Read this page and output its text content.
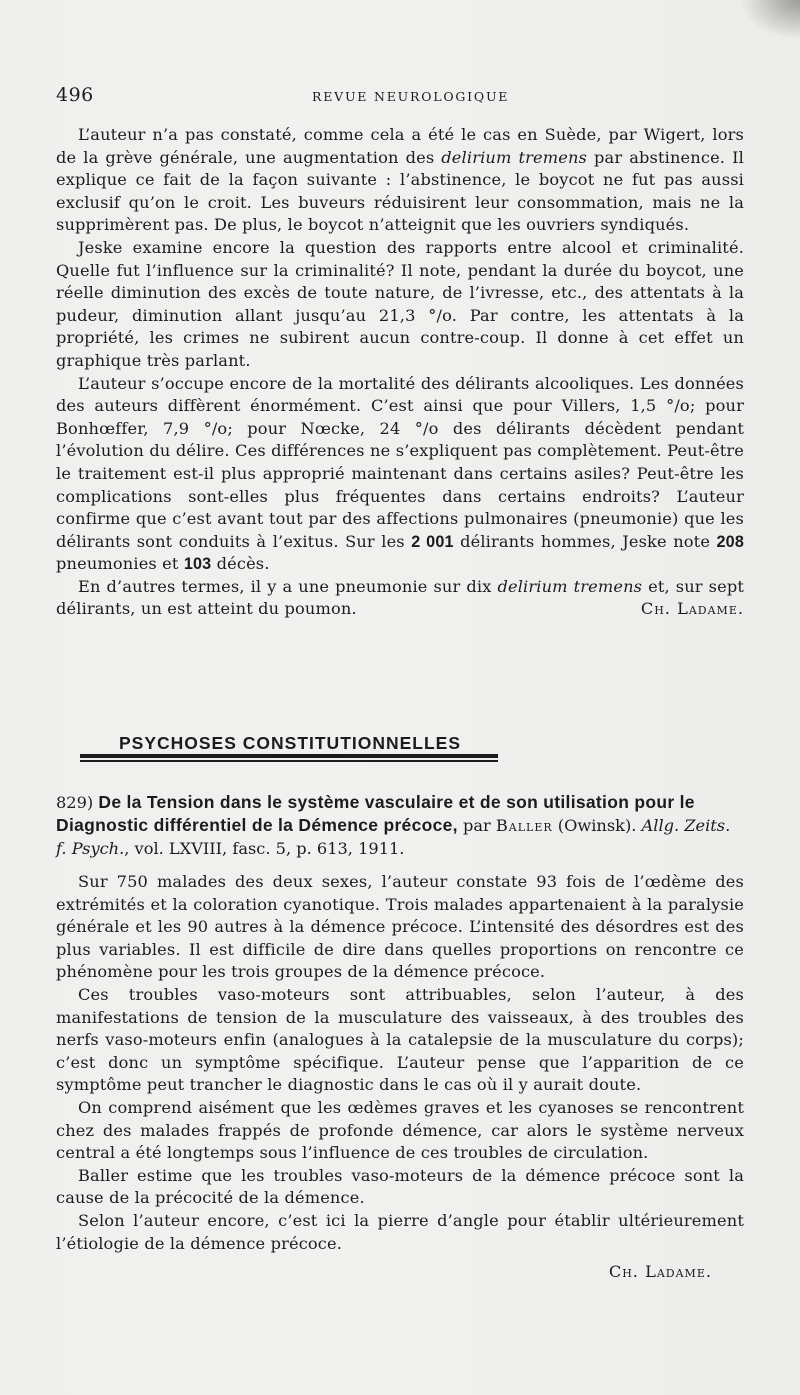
496	REVUE NEUROLOGIQUE

L’auteur n’a pas constaté, comme cela a été le cas en Suède, par Wigert, lors de la grève générale, une augmentation des delirium tremens par abstinence. Il explique ce fait de la façon suivante : l’abstinence, le boycot ne fut pas aussi exclusif qu’on le croit. Les buveurs réduisirent leur consommation, mais ne la supprimèrent pas. De plus, le boycot n’atteignit que les ouvriers syndiqués.

Jeske examine encore la question des rapports entre alcool et criminalité. Quelle fut l’influence sur la criminalité? Il note, pendant la durée du boycot, une réelle diminution des excès de toute nature, de l’ivresse, etc., des attentats à la pudeur, diminution allant jusqu’au 21,3 °/o. Par contre, les attentats à la propriété, les crimes ne subirent aucun contre-coup. Il donne à cet effet un graphique très parlant.

L’auteur s’occupe encore de la mortalité des délirants alcooliques. Les données des auteurs diffèrent énormément. C’est ainsi que pour Villers, 1,5 °/o; pour Bonhœffer, 7,9 °/o; pour Nœcke, 24 °/o des délirants décèdent pendant l’évolution du délire. Ces différences ne s’expliquent pas complètement. Peut-être le traitement est-il plus approprié maintenant dans certains asiles? Peut-être les complications sont-elles plus fréquentes dans certains endroits? L’auteur confirme que c’est avant tout par des affections pulmonaires (pneumonie) que les délirants sont conduits à l’exitus. Sur les 2 001 délirants hommes, Jeske note 208 pneumonies et 103 décès.

En d’autres termes, il y a une pneumonie sur dix delirium tremens et, sur sept délirants, un est atteint du poumon.	Ch. Ladame.

PSYCHOSES CONSTITUTIONNELLES
829) De la Tension dans le système vasculaire et de son utilisation pour le Diagnostic différentiel de la Démence précoce, par Baller (Owinsk). Allg. Zeits. f. Psych., vol. LXVIII, fasc. 5, p. 613, 1911.

Sur 750 malades des deux sexes, l’auteur constate 93 fois de l’œdème des extrémités et la coloration cyanotique. Trois malades appartenaient à la paralysie générale et les 90 autres à la démence précoce. L’intensité des désordres est des plus variables. Il est difficile de dire dans quelles proportions on rencontre ce phénomène pour les trois groupes de la démence précoce.

Ces troubles vaso-moteurs sont attribuables, selon l’auteur, à des manifestations de tension de la musculature des vaisseaux, à des troubles des nerfs vaso-moteurs enfin (analogues à la catalepsie de la musculature du corps); c’est donc un symptôme spécifique. L’auteur pense que l’apparition de ce symptôme peut trancher le diagnostic dans le cas où il y aurait doute.

On comprend aisément que les œdèmes graves et les cyanoses se rencontrent chez des malades frappés de profonde démence, car alors le système nerveux central a été longtemps sous l’influence de ces troubles de circulation.

Baller estime que les troubles vaso-moteurs de la démence précoce sont la cause de la précocité de la démence.

Selon l’auteur encore, c’est ici la pierre d’angle pour établir ultérieurement l’étiologie de la démence précoce.

Ch. Ladame.
